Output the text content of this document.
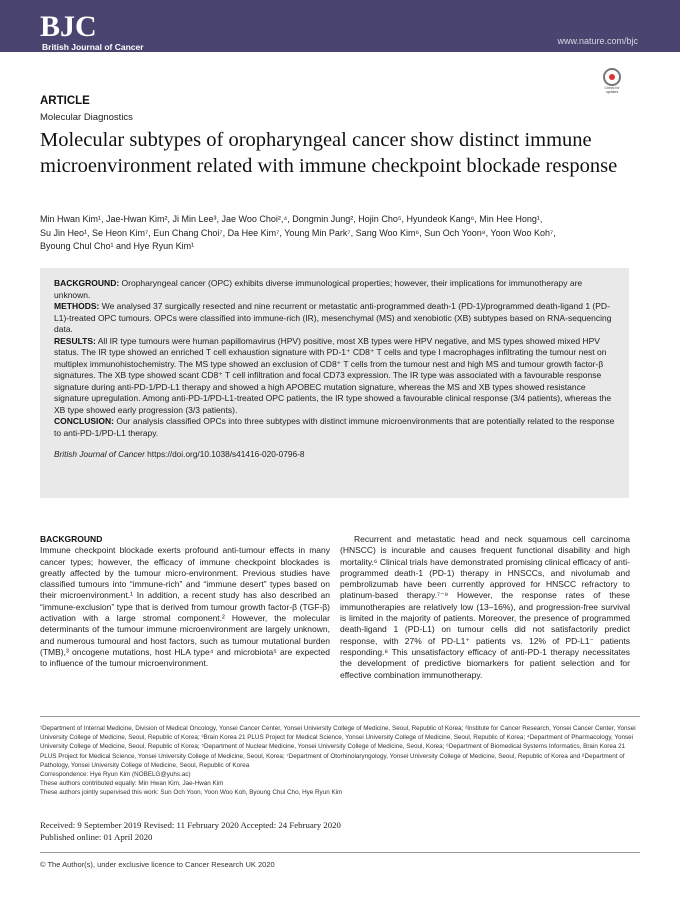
BJC
British Journal of Cancer
www.nature.com/bjc
Check for updates
ARTICLE
Molecular Diagnostics
Molecular subtypes of oropharyngeal cancer show distinct immune microenvironment related with immune checkpoint blockade response
Min Hwan Kim¹, Jae-Hwan Kim², Ji Min Lee³, Jae Woo Choi²,⁴, Dongmin Jung², Hojin Cho⁵, Hyundeok Kang⁶, Min Hee Hong¹,
Su Jin Heo¹, Se Heon Kim⁷, Eun Chang Choi⁷, Da Hee Kim⁷, Young Min Park⁷, Sang Woo Kim⁶, Sun Och Yoon⁸, Yoon Woo Koh⁷,
Byoung Chul Cho¹ and Hye Ryun Kim¹

BACKGROUND: Oropharyngeal cancer (OPC) exhibits diverse immunological properties; however, their implications for immunotherapy are unknown.

METHODS: We analysed 37 surgically resected and nine recurrent or metastatic anti-programmed death-1 (PD-1)/programmed death-ligand 1 (PD-L1)-treated OPC tumours. OPCs were classified into immune-rich (IR), mesenchymal (MS) and xenobiotic (XB) subtypes based on RNA-sequencing data.

RESULTS: All IR type tumours were human papillomavirus (HPV) positive, most XB types were HPV negative, and MS types showed mixed HPV status. The IR type showed an enriched T cell exhaustion signature with PD-1⁺ CD8⁺ T cells and type I macrophages infiltrating the tumour nest on multiplex immunohistochemistry. The MS type showed an exclusion of CD8⁺ T cells from the tumour nest and high MS and tumour growth factor-β signatures. The XB type showed scant CD8⁺ T cell infiltration and focal CD73 expression. The IR type was associated with a favourable response signature during anti-PD-1/PD-L1 therapy and showed a high APOBEC mutation signature, whereas the MS and XB types showed resistance signature upregulation. Among anti-PD-1/PD-L1-treated OPC patients, the IR type showed a favourable clinical response (3/4 patients), whereas the XB type showed early progression (3/3 patients).

CONCLUSION: Our analysis classified OPCs into three subtypes with distinct immune microenvironments that are potentially related to the response to anti-PD-1/PD-L1 therapy.

British Journal of Cancer https://doi.org/10.1038/s41416-020-0796-8

BACKGROUND

Immune checkpoint blockade exerts profound anti-tumour effects in many cancer types; however, the efficacy of immune checkpoint blockades is greatly affected by the tumour micro-environment. Previous studies have classified tumours into “immune-rich” and “immune desert” types based on their microenvironment.¹ In addition, a recent study has also described an “immune-exclusion” type that is derived from tumour growth factor-β (TGF-β) activation with a large stromal component.² However, the molecular determinants of the tumour immune microenvironment are largely unknown, and numerous tumoural and host factors, such as tumour mutational burden (TMB),³ oncogene mutations, host HLA type⁴ and microbiota⁵ are expected to influence of the tumour microenvironment.

Recurrent and metastatic head and neck squamous cell carcinoma (HNSCC) is incurable and causes frequent functional disability and high mortality.⁶ Clinical trials have demonstrated promising clinical efficacy of anti-programmed death-1 (PD-1) therapy in HNSCCs, and nivolumab and pembrolizumab have been currently approved for HNSCC refractory to platinum-based therapy.⁷⁻⁹ However, the response rates of these immunotherapies are relatively low (13–16%), and progression-free survival is limited in the majority of patients. Moreover, the presence of programmed death-ligand 1 (PD-L1) on tumour cells did not satisfactorily predict response, with 27% of PD-L1⁺ patients vs. 12% of PD-L1⁻ patients responding.⁸ This unsatisfactory efficacy of anti-PD-1 therapy necessitates the development of predictive biomarkers for patient selection and for effective combination immunotherapy.

¹Department of Internal Medicine, Division of Medical Oncology, Yonsei Cancer Center, Yonsei University College of Medicine, Seoul, Republic of Korea; ²Institute for Cancer Research, Yonsei Cancer Center, Yonsei University College of Medicine, Seoul, Republic of Korea; ³Brain Korea 21 PLUS Project for Medical Science, Yonsei University College of Medicine, Seoul, Republic of Korea; ⁴Department of Pharmacology, Yonsei University College of Medicine, Seoul, Republic of Korea; ⁵Department of Nuclear Medicine, Yonsei University College of Medicine, Seoul, Korea; ⁶Department of Biomedical Systems Informatics, Brain Korea 21 PLUS Project for Medical Science, Yonsei University College of Medicine, Seoul, Korea; ⁷Department of Otorhinolaryngology, Yonsei University College of Medicine, Seoul, Republic of Korea and ⁸Department of Pathology, Yonsei University College of Medicine, Seoul, Republic of Korea

Correspondence: Hye Ryun Kim (NOBELG@yuhs.ac)

These authors contributed equally: Min Hwan Kim, Jae-Hwan Kim

These authors jointly supervised this work: Sun Och Yoon, Yoon Woo Koh, Byoung Chul Cho, Hye Ryun Kim

Received: 9 September 2019 Revised: 11 February 2020 Accepted: 24 February 2020

Published online: 01 April 2020

© The Author(s), under exclusive licence to Cancer Research UK 2020
